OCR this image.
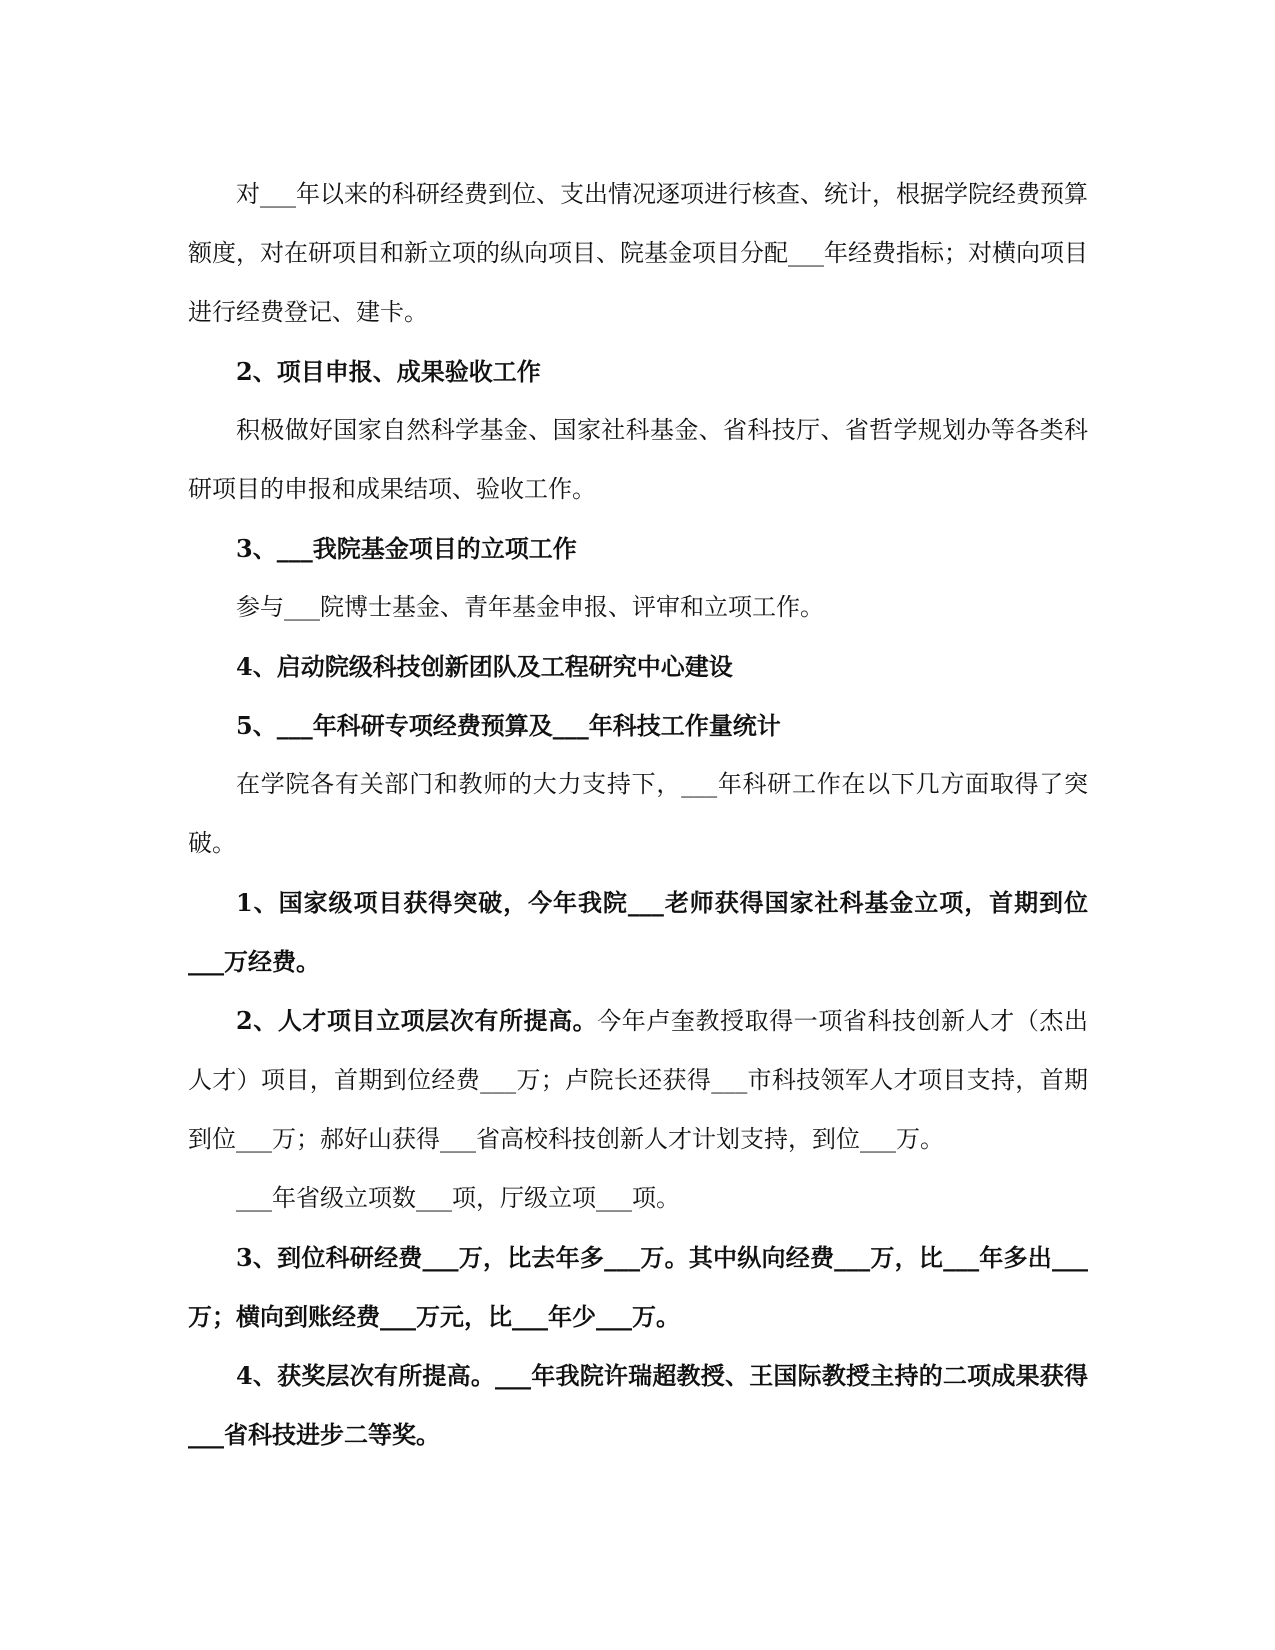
对___年以来的科研经费到位、支出情况逐项进行核查、统计，根据学院经费预算额度，对在研项目和新立项的纵向项目、院基金项目分配___年经费指标；对横向项目进行经费登记、建卡。

2、项目申报、成果验收工作

积极做好国家自然科学基金、国家社科基金、省科技厅、省哲学规划办等各类科研项目的申报和成果结项、验收工作。

3、___我院基金项目的立项工作

参与___院博士基金、青年基金申报、评审和立项工作。

4、启动院级科技创新团队及工程研究中心建设

5、___年科研专项经费预算及___年科技工作量统计

在学院各有关部门和教师的大力支持下，___年科研工作在以下几方面取得了突破。

1、国家级项目获得突破，今年我院___老师获得国家社科基金立项，首期到位___万经费。

2、人才项目立项层次有所提高。今年卢奎教授取得一项省科技创新人才（杰出人才）项目，首期到位经费___万；卢院长还获得___市科技领军人才项目支持，首期到位___万；郝好山获得___省高校科技创新人才计划支持，到位___万。

___年省级立项数___项，厅级立项___项。

3、到位科研经费___万，比去年多___万。其中纵向经费___万，比___年多出___万；横向到账经费___万元，比___年少___万。

4、获奖层次有所提高。___年我院许瑞超教授、王国际教授主持的二项成果获得___省科技进步二等奖。
